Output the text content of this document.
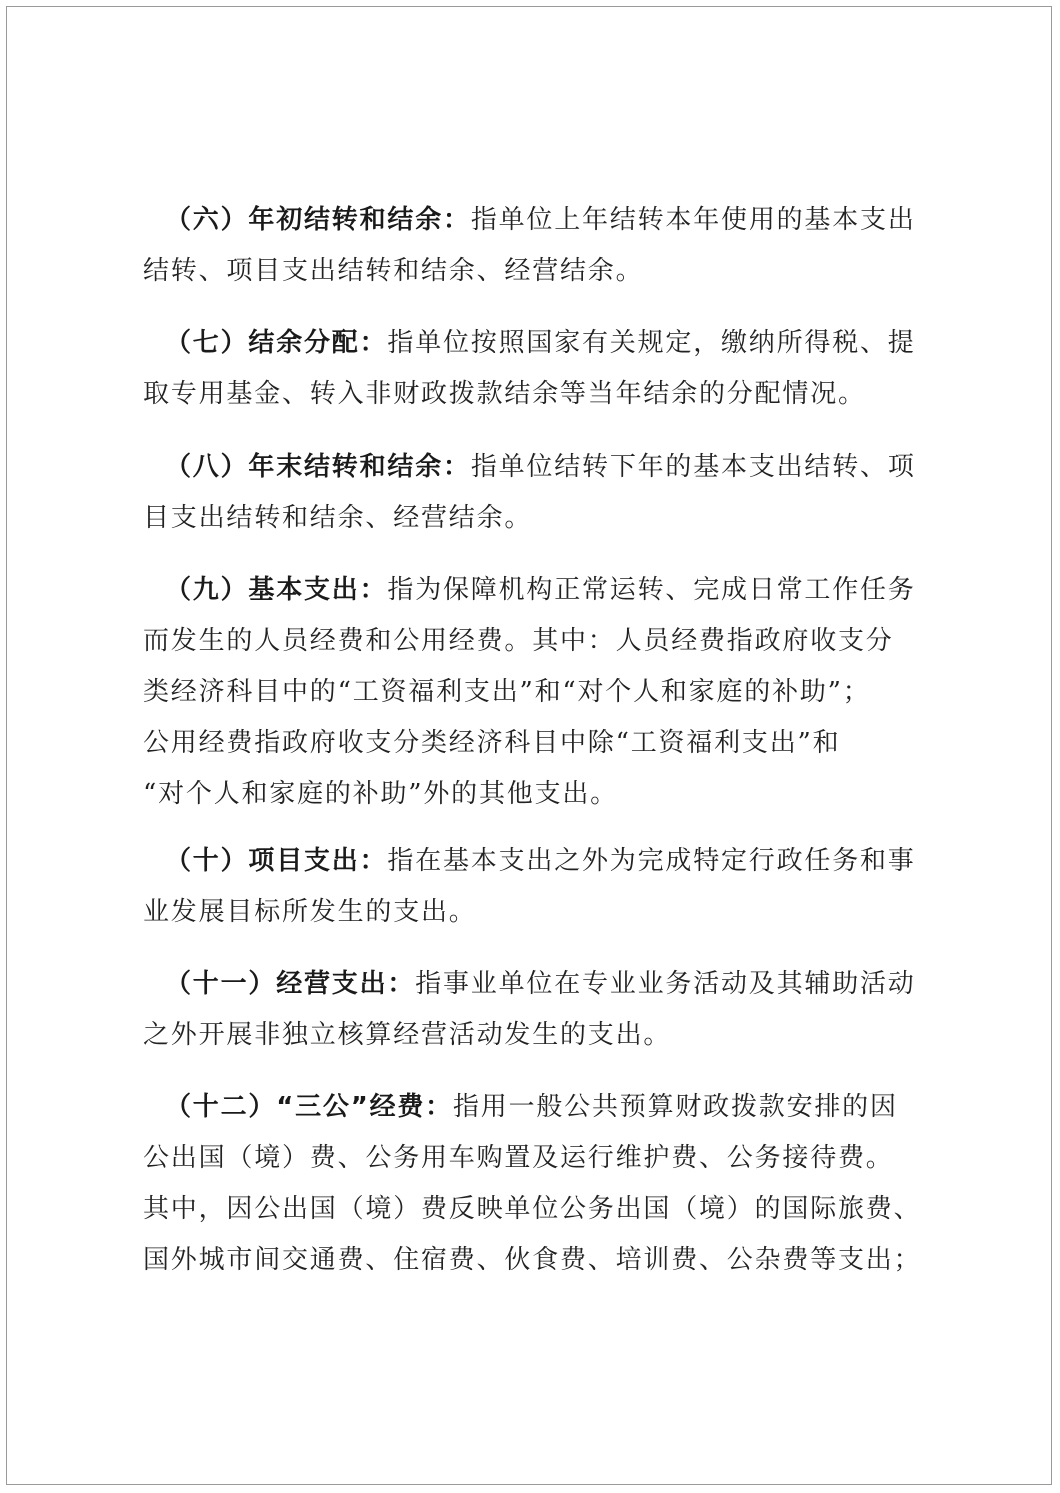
（六）年初结转和结余：指单位上年结转本年使用的基本支出
结转、项目支出结转和结余、经营结余。
（七）结余分配：指单位按照国家有关规定，缴纳所得税、提
取专用基金、转入非财政拨款结余等当年结余的分配情况。
（八）年末结转和结余：指单位结转下年的基本支出结转、项
目支出结转和结余、经营结余。
（九）基本支出：指为保障机构正常运转、完成日常工作任务
而发生的人员经费和公用经费。其中：人员经费指政府收支分
类经济科目中的“工资福利支出”和“对个人和家庭的补助”；
公用经费指政府收支分类经济科目中除“工资福利支出”和
“对个人和家庭的补助”外的其他支出。
（十）项目支出：指在基本支出之外为完成特定行政任务和事
业发展目标所发生的支出。
（十一）经营支出：指事业单位在专业业务活动及其辅助活动
之外开展非独立核算经营活动发生的支出。
（十二）“三公”经费：指用一般公共预算财政拨款安排的因
公出国（境）费、公务用车购置及运行维护费、公务接待费。
其中，因公出国（境）费反映单位公务出国（境）的国际旅费、
国外城市间交通费、住宿费、伙食费、培训费、公杂费等支出；
